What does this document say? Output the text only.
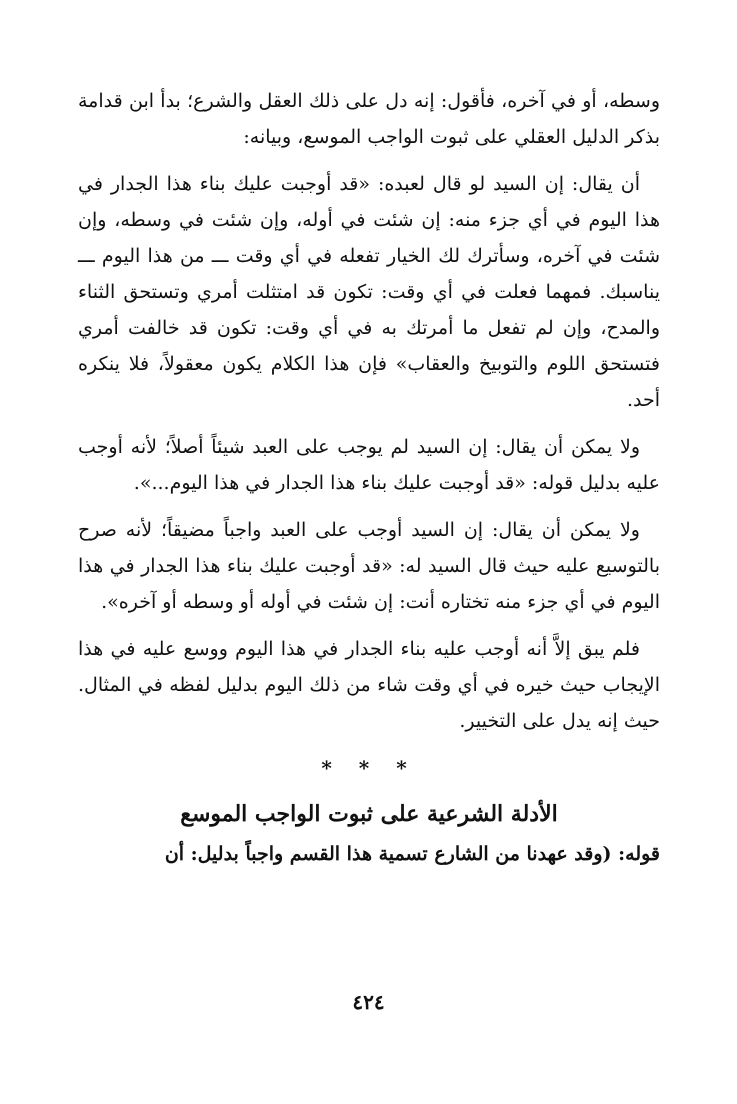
وسطه، أو في آخره، فأقول: إنه دل على ذلك العقل والشرع؛ بدأ ابن قدامة بذكر الدليل العقلي على ثبوت الواجب الموسع، وبيانه:

أن يقال: إن السيد لو قال لعبده: «قد أوجبت عليك بناء هذا الجدار في هذا اليوم في أي جزء منه: إن شئت في أوله، وإن شئت في وسطه، وإن شئت في آخره، وسأترك لك الخيار تفعله في أي وقت ـــ من هذا اليوم ـــ يناسبك. فمهما فعلت في أي وقت: تكون قد امتثلت أمري وتستحق الثناء والمدح، وإن لم تفعل ما أمرتك به في أي وقت: تكون قد خالفت أمري فتستحق اللوم والتوبيخ والعقاب» فإن هذا الكلام يكون معقولاً، فلا ينكره أحد.

ولا يمكن أن يقال: إن السيد لم يوجب على العبد شيئاً أصلاً؛ لأنه أوجب عليه بدليل قوله: «قد أوجبت عليك بناء هذا الجدار في هذا اليوم...».

ولا يمكن أن يقال: إن السيد أوجب على العبد واجباً مضيقاً؛ لأنه صرح بالتوسيع عليه حيث قال السيد له: «قد أوجبت عليك بناء هذا الجدار في هذا اليوم في أي جزء منه تختاره أنت: إن شئت في أوله أو وسطه أو آخره».

فلم يبق إلاَّ أنه أوجب عليه بناء الجدار في هذا اليوم ووسع عليه في هذا الإيجاب حيث خيره في أي وقت شاء من ذلك اليوم بدليل لفظه في المثال. حيث إنه يدل على التخيير.

* * *
الأدلة الشرعية على ثبوت الواجب الموسع

قوله: (وقد عهدنا من الشارع تسمية هذا القسم واجباً بدليل: أن

٤٢٤
